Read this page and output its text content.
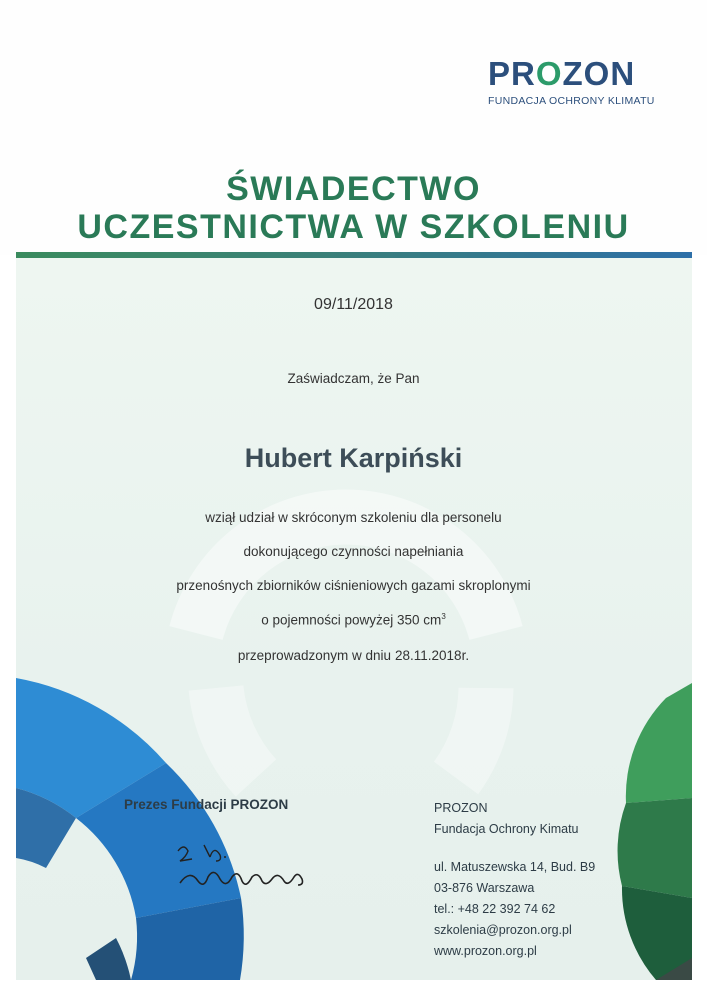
PROZON
FUNDACJA OCHRONY KLIMATU
ŚWIADECTWO
UCZESTNICTWA W SZKOLENIU
09/11/2018
Zaświadczam, że Pan
Hubert Karpiński
wziął udział w skróconym szkoleniu dla personelu
dokonującego czynności napełniania
przenośnych zbiorników ciśnieniowych gazami skroplonymi
o pojemności powyżej 350 $cm^3$
przeprowadzonym w dniu 28.11.2018r.
Prezes Fundacji PROZON	PROZON
Fundacja Ochrony Kimatu
ul. Matuszewska 14, Bud. B9
03-876 Warszawa
tel.: +48 22 392 74 62
szkolenia@prozon.org.pl
www.prozon.org.pl
